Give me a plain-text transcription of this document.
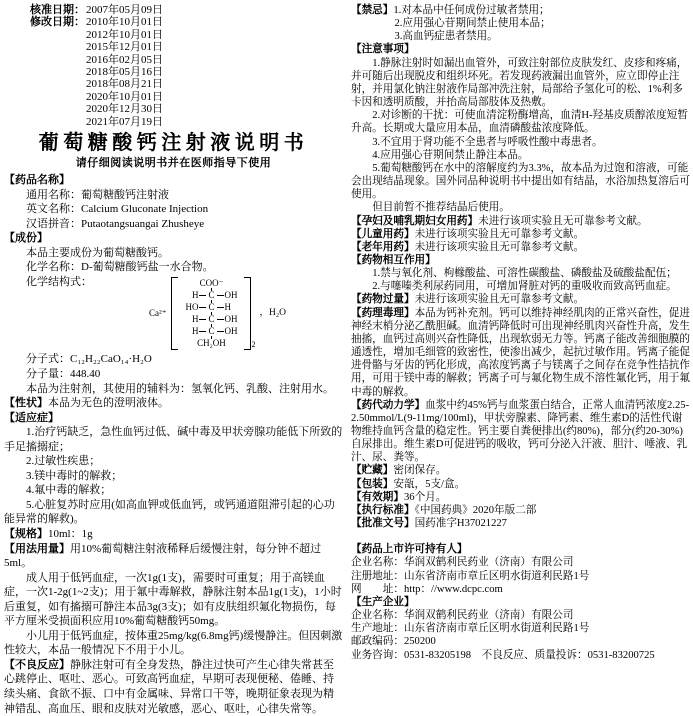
核准日期： 2007年05月09日
修改日期： 2010年10月01日
2012年10月01日
2015年12月01日
2016年02月05日
2018年05月16日
2018年08月21日
2020年10月01日
2020年12月30日
2021年07月19日
葡萄糖酸钙注射液说明书
请仔细阅读说明书并在医师指导下使用

【药品名称】

通用名称：葡萄糖酸钙注射液

英文名称：Calcium Gluconate Injection

汉语拼音：Putaotangsuangai Zhusheye

【成份】

本品主要成份为葡萄糖酸钙。

化学名称：D-葡萄糖酸钙盐一水合物。

化学结构式：

Ca²⁺
COO⁻
H C OH
HO C H
H C OH
H C OH
CH₂OH	2
，H₂O

分子式：C₁₂H₂₂CaO₁₄·H₂O

分子量：448.40

本品为注射剂，其使用的辅料为：氢氧化钙、乳酸、注射用水。

【性状】本品为无色的澄明液体。

【适应症】

1.治疗钙缺乏，急性血钙过低、碱中毒及甲状旁腺功能低下所致的手足搐搦症；

2.过敏性疾患；

3.镁中毒时的解救；

4.氟中毒的解救；

5.心脏复苏时应用(如高血钾或低血钙，或钙通道阻滞引起的心功能异常的解救)。

【规格】10ml：1g

【用法用量】用10%葡萄糖注射液稀释后缓慢注射，每分钟不超过5ml。

成人用于低钙血症，一次1g(1支)，需要时可重复；用于高镁血症，一次1-2g(1~2支)；用于氟中毒解救，静脉注射本品1g(1支)，1小时后重复，如有搐搦可静注本品3g(3支)；如有皮肤组织氟化物损伤，每平方厘米受损面积应用10%葡萄糖酸钙50mg。

小儿用于低钙血症，按体重25mg/kg(6.8mg钙)缓慢静注。但因刺激性较大，本品一般情况下不用于小儿。

【不良反应】静脉注射可有全身发热，静注过快可产生心律失常甚至心跳停止、呕吐、恶心。可致高钙血症，早期可表现便秘、倦睡、持续头痛、食欲不振、口中有金属味、异常口干等，晚期征象表现为精神错乱、高血压、眼和皮肤对光敏感，恶心、呕吐，心律失常等。

【禁忌】1.对本品中任何成份过敏者禁用；

2.应用强心苷期间禁止使用本品；

3.高血钙症患者禁用。

【注意事项】

1.静脉注射时如漏出血管外，可致注射部位皮肤发红、皮疹和疼痛，并可随后出现脱皮和组织坏死。若发现药液漏出血管外，应立即停止注射，并用氯化钠注射液作局部冲洗注射，局部给予氢化可的松、1%利多卡因和透明质酸，并抬高局部肢体及热敷。

2.对诊断的干扰：可使血清淀粉酶增高，血清H-羟基皮质醇浓度短暂升高。长期或大量应用本品，血清磷酸盐浓度降低。

3.不宜用于肾功能不全患者与呼吸性酸中毒患者。

4.应用强心苷期间禁止静注本品。

5.葡萄糖酸钙在水中的溶解度约为3.3%，故本品为过饱和溶液，可能会出现结晶现象。国外同品种说明书中提出如有结晶，水浴加热复溶后可使用。

但目前暂不推荐结晶后使用。

【孕妇及哺乳期妇女用药】未进行该项实验且无可靠参考文献。

【儿童用药】未进行该项实验且无可靠参考文献。

【老年用药】未进行该项实验且无可靠参考文献。

【药物相互作用】

1.禁与氧化剂、枸橼酸盐、可溶性碳酸盐、磷酸盐及硫酸盐配伍；

2.与噻嗪类利尿药同用，可增加肾脏对钙的重吸收而致高钙血症。

【药物过量】未进行该项实验且无可靠参考文献。

【药理毒理】本品为钙补充剂。钙可以维持神经肌肉的正常兴奋性，促进神经末梢分泌乙酰胆碱。血清钙降低时可出现神经肌肉兴奋性升高，发生抽搐，血钙过高则兴奋性降低，出现软弱无力等。钙离子能改善细胞膜的通透性，增加毛细管的致密性，使渗出减少，起抗过敏作用。钙离子能促进骨骼与牙齿的钙化形成，高浓度钙离子与镁离子之间存在竞争性拮抗作用，可用于镁中毒的解救；钙离子可与氟化物生成不溶性氟化钙，用于氟中毒的解救。

【药代动力学】血浆中约45%钙与血浆蛋白结合，正常人血清钙浓度2.25-2.50mmol/L(9-11mg/100ml)，甲状旁腺素、降钙素、维生素D的活性代谢物维持血钙含量的稳定性。钙主要自粪便排出(约80%)，部分(约20-30%)自尿排出。维生素D可促进钙的吸收，钙可分泌入汗液、胆汁、唾液、乳汁、尿、粪等。

【贮藏】密闭保存。

【包装】安瓿，5支/盒。

【有效期】36个月。

【执行标准】《中国药典》2020年版二部

【批准文号】国药准字H37021227

【药品上市许可持有人】

企业名称：华润双鹤利民药业（济南）有限公司

注册地址：山东省济南市章丘区明水街道利民路1号

网　　址：http：//www.dcpc.com

【生产企业】

企业名称：华润双鹤利民药业（济南）有限公司

生产地址：山东省济南市章丘区明水街道利民路1号

邮政编码：250200

业务咨询：0531-83205198　不良反应、质量投诉：0531-83200725
